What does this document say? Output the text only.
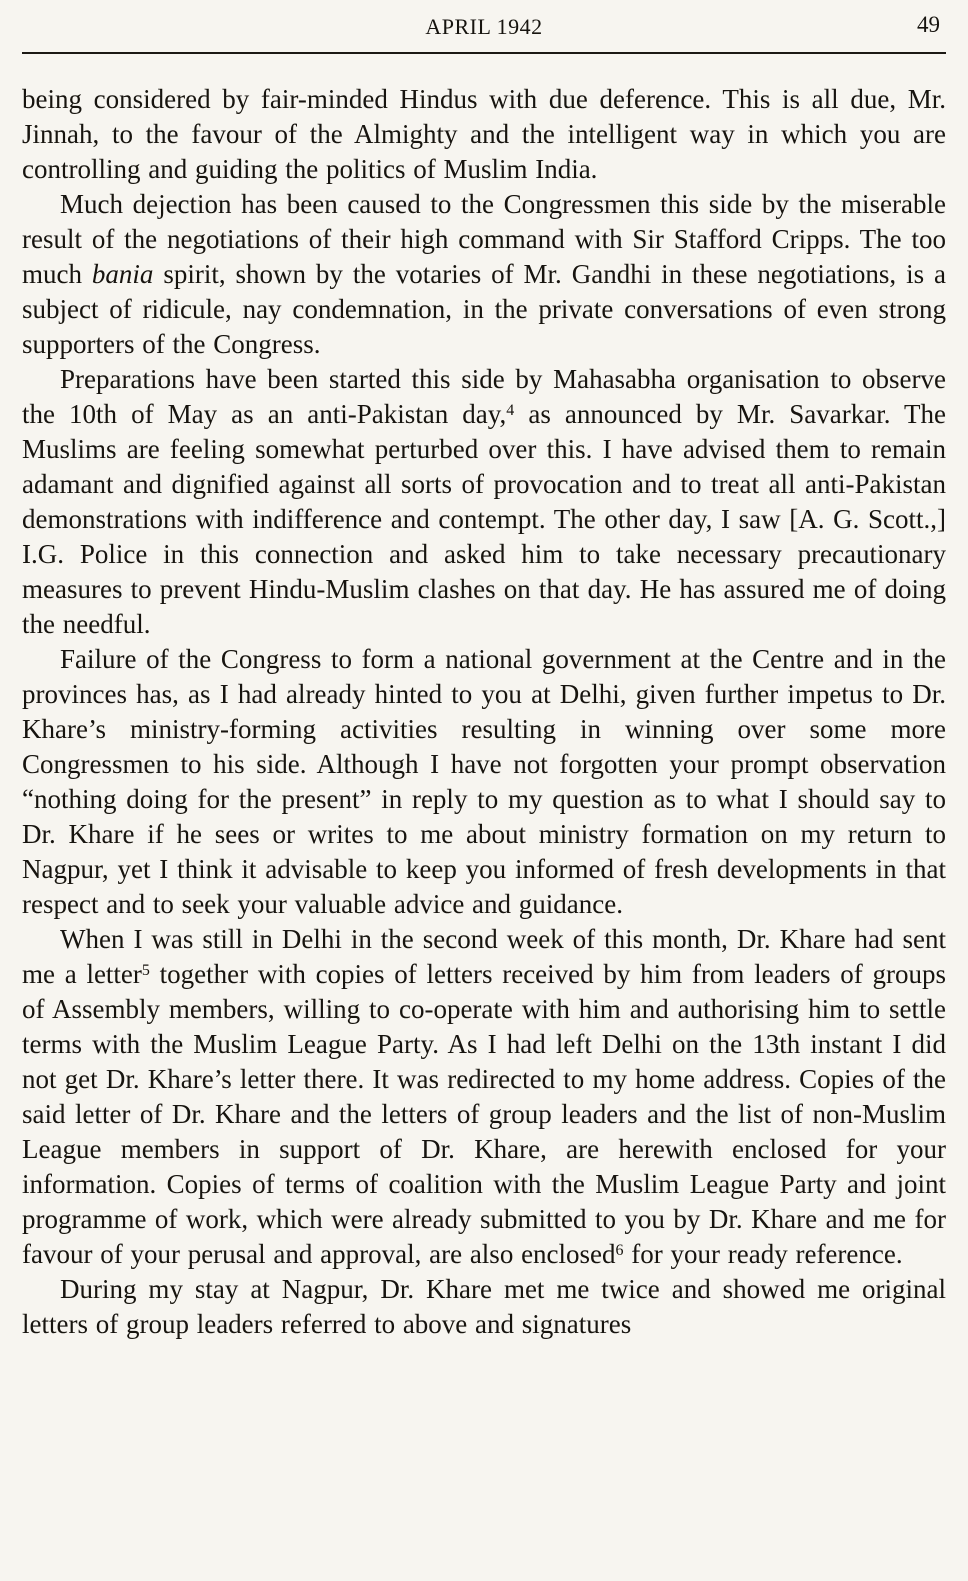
APRIL 1942	49

being considered by fair-minded Hindus with due deference. This is all due, Mr. Jinnah, to the favour of the Almighty and the intelligent way in which you are controlling and guiding the politics of Muslim India.

Much dejection has been caused to the Congressmen this side by the miserable result of the negotiations of their high command with Sir Stafford Cripps. The too much bania spirit, shown by the votaries of Mr. Gandhi in these negotiations, is a subject of ridicule, nay condemnation, in the private conversations of even strong supporters of the Congress.

Preparations have been started this side by Mahasabha organisation to observe the 10th of May as an anti-Pakistan day,$^4$ as announced by Mr. Savarkar. The Muslims are feeling somewhat perturbed over this. I have advised them to remain adamant and dignified against all sorts of provocation and to treat all anti-Pakistan demonstrations with indifference and contempt. The other day, I saw [A. G. Scott.,] I.G. Police in this connection and asked him to take necessary precautionary measures to prevent Hindu-Muslim clashes on that day. He has assured me of doing the needful.

Failure of the Congress to form a national government at the Centre and in the provinces has, as I had already hinted to you at Delhi, given further impetus to Dr. Khare’s ministry-forming activities resulting in winning over some more Congressmen to his side. Although I have not forgotten your prompt observation “nothing doing for the present” in reply to my question as to what I should say to Dr. Khare if he sees or writes to me about ministry formation on my return to Nagpur, yet I think it advisable to keep you informed of fresh developments in that respect and to seek your valuable advice and guidance.

When I was still in Delhi in the second week of this month, Dr. Khare had sent me a letter$^5$ together with copies of letters received by him from leaders of groups of Assembly members, willing to co-operate with him and authorising him to settle terms with the Muslim League Party. As I had left Delhi on the 13th instant I did not get Dr. Khare’s letter there. It was redirected to my home address. Copies of the said letter of Dr. Khare and the letters of group leaders and the list of non-Muslim League members in support of Dr. Khare, are herewith enclosed for your information. Copies of terms of coalition with the Muslim League Party and joint programme of work, which were already submitted to you by Dr. Khare and me for favour of your perusal and approval, are also enclosed$^6$ for your ready reference.

During my stay at Nagpur, Dr. Khare met me twice and showed me original letters of group leaders referred to above and signatures
